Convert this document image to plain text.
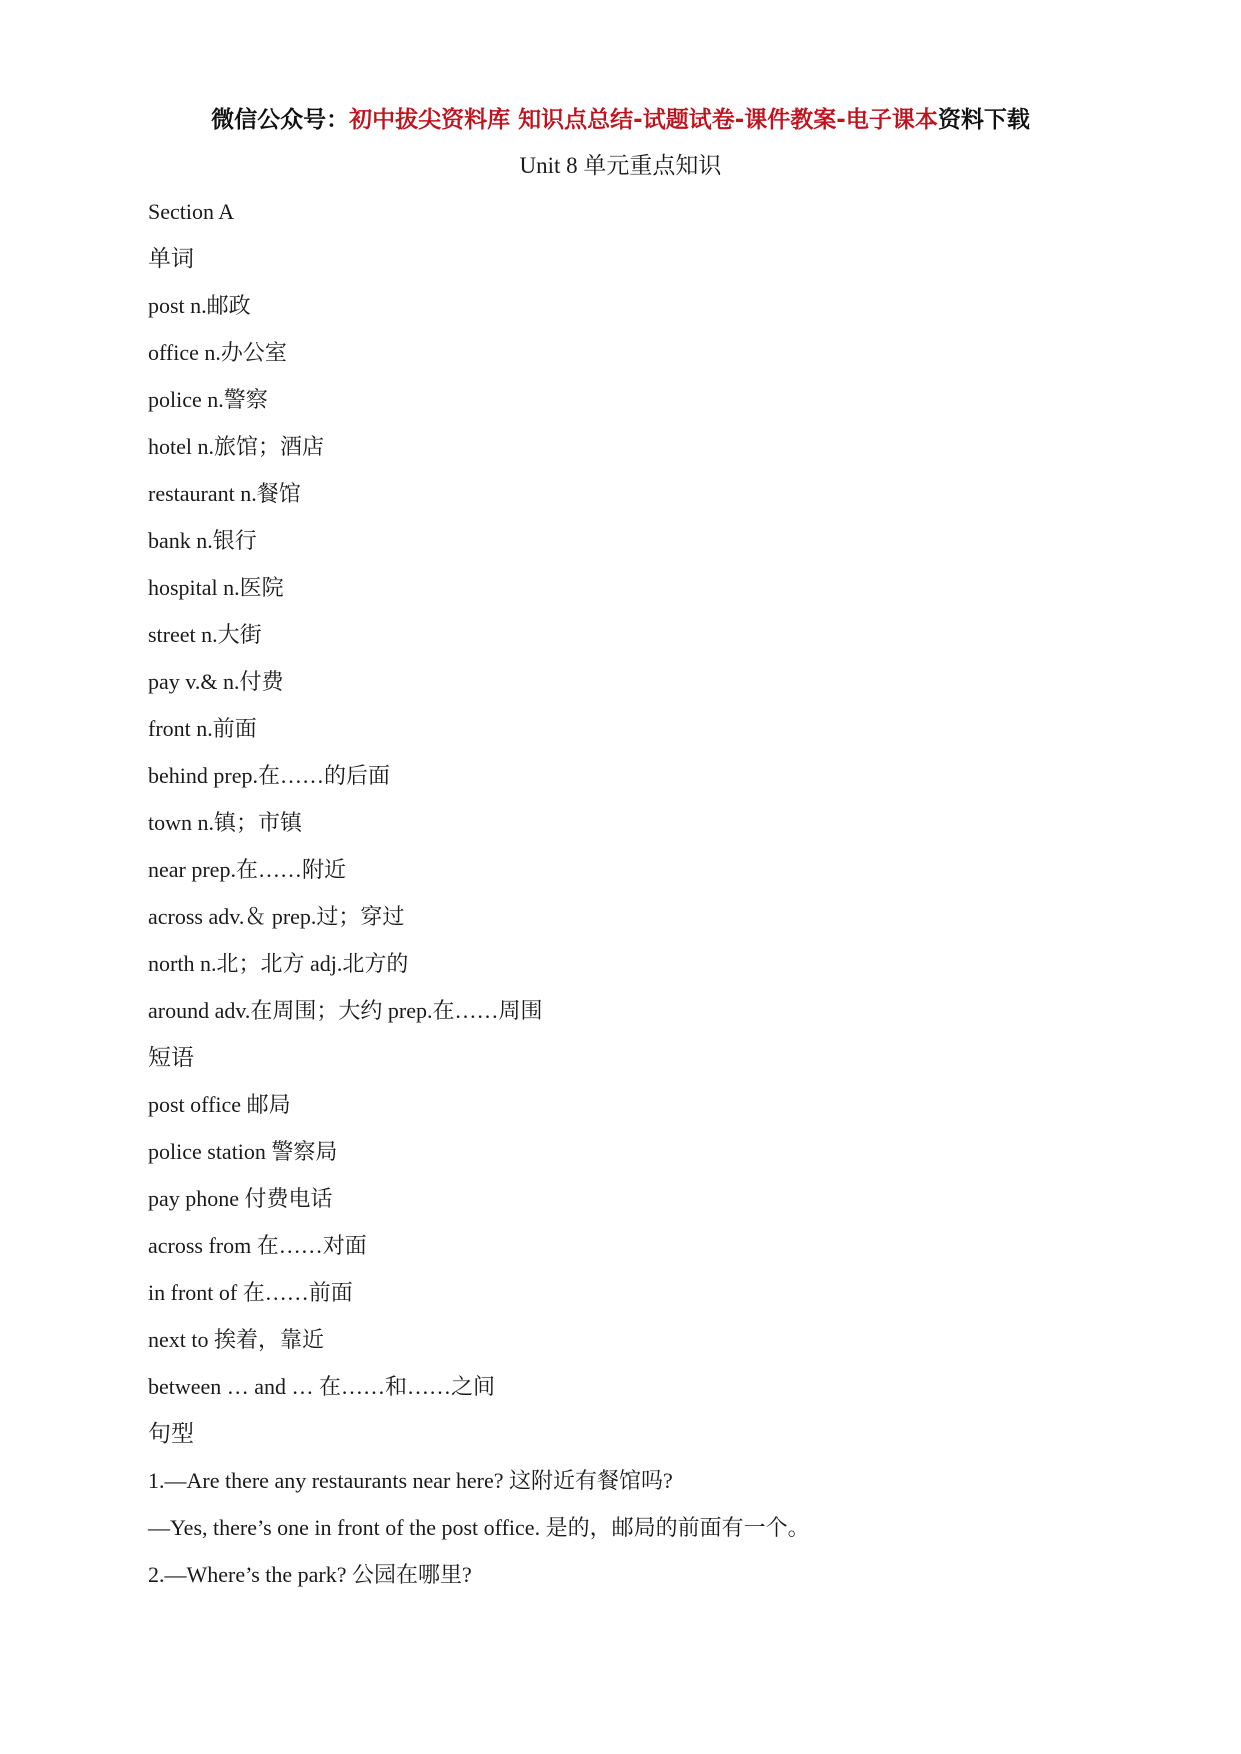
微信公众号：初中拔尖资料库 知识点总结-试题试卷-课件教案-电子课本资料下载
Unit 8 单元重点知识
Section A
单词
post n.邮政
office n.办公室
police n.警察
hotel n.旅馆；酒店
restaurant n.餐馆
bank n.银行
hospital n.医院
street n.大街
pay v.& n.付费
front n.前面
behind prep.在……的后面
town n.镇；市镇
near prep.在……附近
across adv.＆ prep.过；穿过
north n.北；北方 adj.北方的
around adv.在周围；大约 prep.在……周围
短语
post office 邮局
police station 警察局
pay phone 付费电话
across from 在……对面
in front of 在……前面
next to 挨着，靠近
between … and … 在……和……之间
句型
1.—Are there any restaurants near here? 这附近有餐馆吗?
—Yes, there’s one in front of the post office. 是的，邮局的前面有一个。
2.—Where’s the park? 公园在哪里?
